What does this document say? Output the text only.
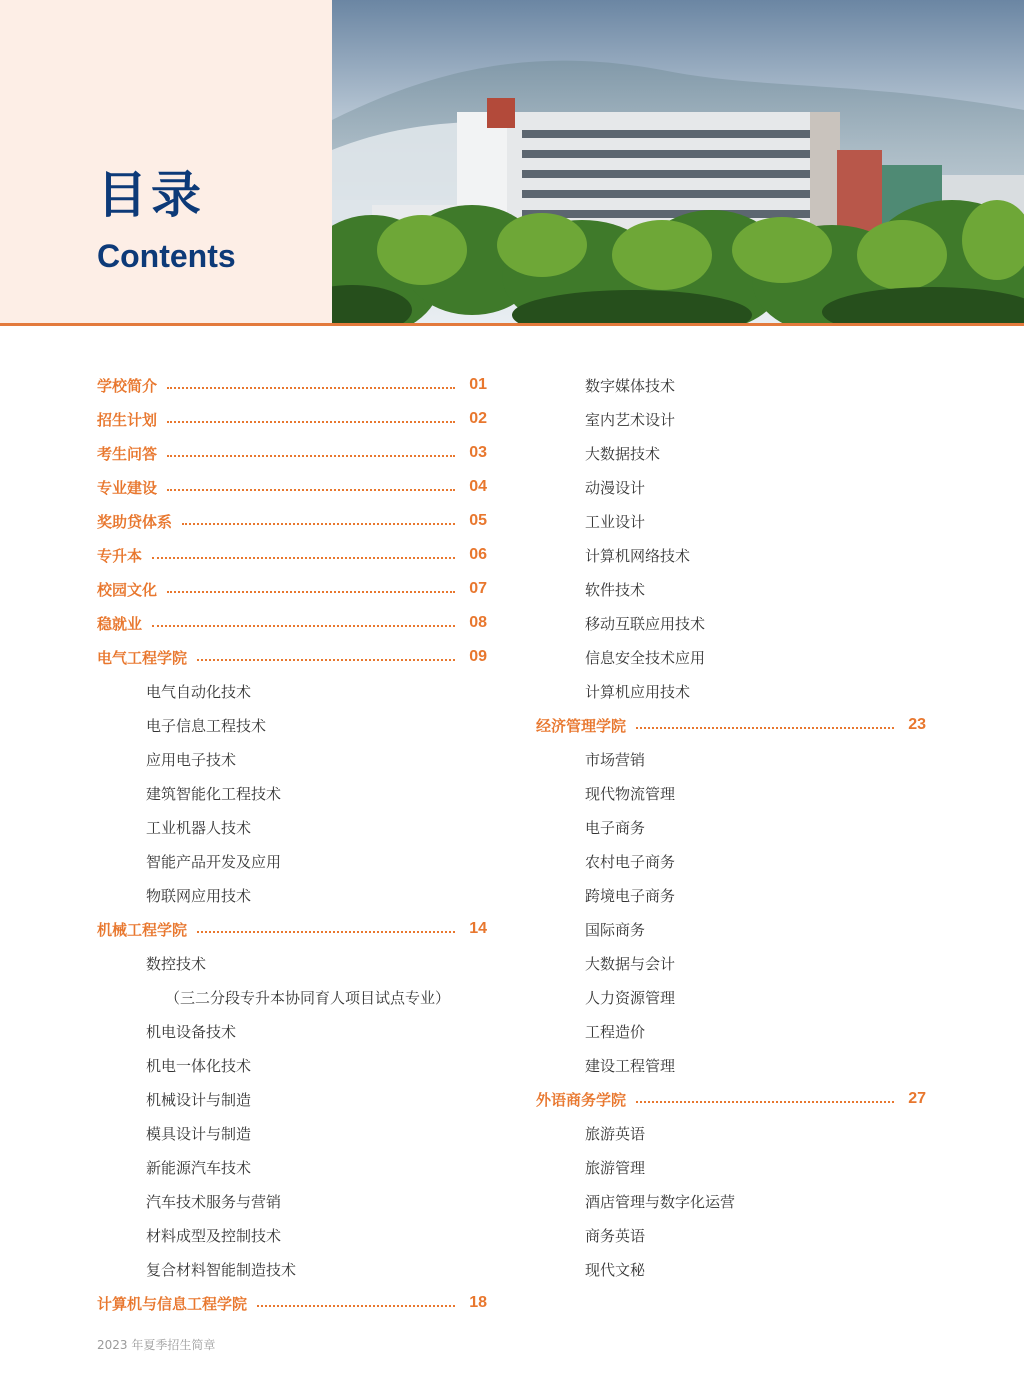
目录
Contents
学校简介	01
招生计划	02
考生问答	03
专业建设	04
奖助贷体系	05
专升本	06
校园文化	07
稳就业	08
电气工程学院	09
电气自动化技术
电子信息工程技术
应用电子技术
建筑智能化工程技术
工业机器人技术
智能产品开发及应用
物联网应用技术
机械工程学院	14
数控技术
（三二分段专升本协同育人项目试点专业）
机电设备技术
机电一体化技术
机械设计与制造
模具设计与制造
新能源汽车技术
汽车技术服务与营销
材料成型及控制技术
复合材料智能制造技术
计算机与信息工程学院	18
数字媒体技术
室内艺术设计
大数据技术
动漫设计
工业设计
计算机网络技术
软件技术
移动互联应用技术
信息安全技术应用
计算机应用技术
经济管理学院	23
市场营销
现代物流管理
电子商务
农村电子商务
跨境电子商务
国际商务
大数据与会计
人力资源管理
工程造价
建设工程管理
外语商务学院	27
旅游英语
旅游管理
酒店管理与数字化运营
商务英语
现代文秘
2023 年夏季招生简章
